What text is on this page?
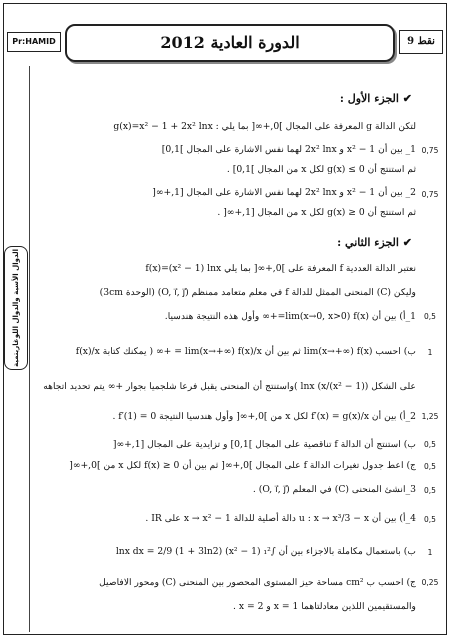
Pr:HAMID	الدورة العادية 2012	9 نقط
الدوال اﻷسية والدوال اللوغاريتمية
✔ الجزء الأول :
لتكن الدالة g المعرفة على المجال ]0,+∞[ بما يلي : g(x)=x² − 1 + 2x² lnx
1_ بين أن x² − 1 و 2x² lnx لهما نفس الاشارة على المجال ]0,1]
ثم استنتج أن g(x) ≤ 0 لكل x من المجال ]0,1] .
2_ بين أن x² − 1 و 2x² lnx لهما نفس الاشارة على المجال [1,+∞[
ثم استنتج أن g(x) ≥ 0 لكل x من المجال [1,+∞[ .
✔ الجزء الثاني :
نعتبر الدالة العددية f المعرفة على ]0,+∞[ بما يلي f(x)=(x² − 1) lnx
وليكن (C) المنحنى الممثل للدالة f في معلم متعامد ممنظم (O, i⃗, j⃗) (الوحدة 3cm)
1_أ) بين أن lim(x→0, x>0) f(x)=+∞ وأول هذه النتيجة هندسيا.
ب) احسب lim(x→+∞) f(x) ثم بين أن lim(x→+∞) f(x)/x = +∞ ( يمكنك كتابة f(x)/x
على الشكل ((x² − 1)/x) lnx )واستنتج أن المنحنى يقبل فرعا شلجميا بجوار +∞ يتم تحديد اتجاهه
2_أ) بين أن f′(x) = g(x)/x لكل x من ]0,+∞[ وأول هندسيا النتيجة f′(1) = 0 .
ب) استنتج أن الدالة f تناقصية على المجال ]0,1] و تزايدية على المجال [1,+∞[
ج) اعط جدول تغيرات الدالة f على المجال ]0,+∞[ ثم بين أن f(x) ≥ 0 لكل x من ]0,+∞[
3_انشئ المنحنى (C) في المعلم (O, i⃗, j⃗) .
4_أ) بين أن u : x → x³/3 − x دالة أصلية للدالة x → x² − 1 على IR .
ب) باستعمال مكاملة بالاجزاء بين أن ∫₁² (x² − 1) lnx dx = 2/9 (1 + 3ln2)
ج) احسب ب cm² مساحة حيز المستوى المحصور بين المنحنى (C) ومحور الافاصيل
والمستقيمين اللذين معادلتاهما x = 1 و x = 2 .
0,75
0,75
0,5
1
1,25
0,5
0,5
0,5
0,5
1
0,25
